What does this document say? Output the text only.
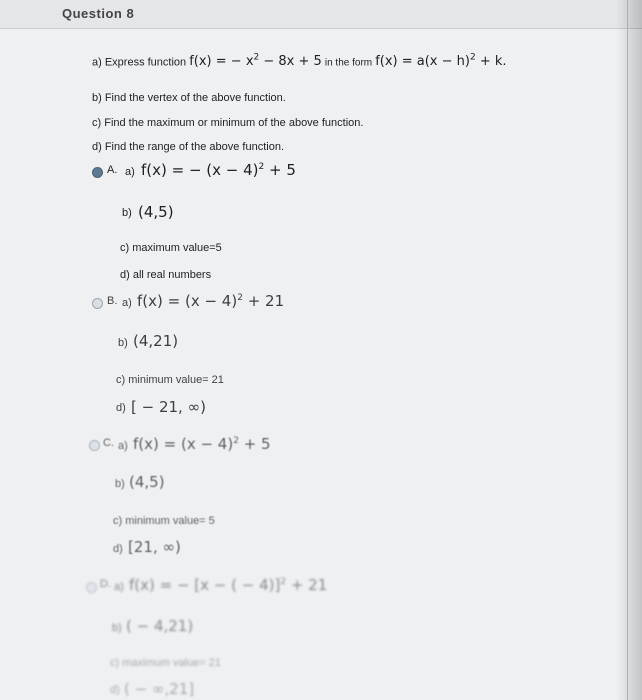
Question 8
a) Express function f(x) = − $x^2 - 8x + 5$ in the form $f(x) = a(x - h)^2 + k$.
b) Find the vertex of the above function.
c) Find the maximum or minimum of the above function.
d) Find the range of the above function.
A. a) f(x) = − $(x - 4)^2 + 5$
b) (4,5)
c) maximum value=5
d) all real numbers
B. a) $f(x) = (x - 4)^2 + 21$
b) (4,21)
c) minimum value= 21
d) [ − 21, ∞)
C. a) $f(x) = (x - 4)^2 + 5$
b) (4,5)
c) minimum value= 5
d) [21, ∞)
D. a) f(x) = − [x − ( − 4)]$^2$ + 21
b) ( − 4,21)
c) maximum value= 21
d) ( − ∞,21]
